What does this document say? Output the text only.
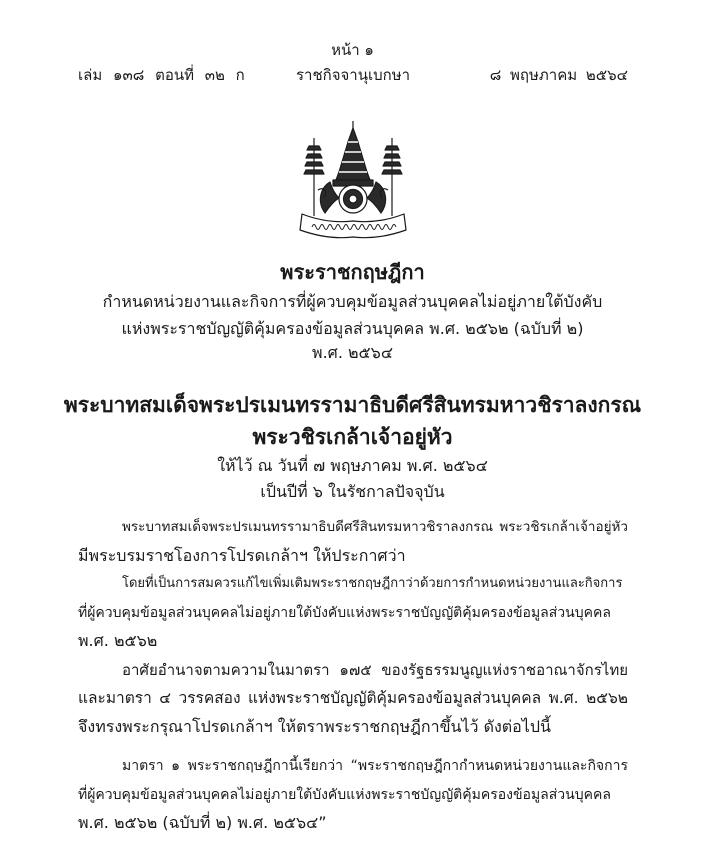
หน้า ๑
เล่ม ๑๓๘ ตอนที่ ๓๒ ก	ราชกิจจานุเบกษา	๘ พฤษภาคม ๒๕๖๔
พระราชกฤษฎีกา
กำหนดหน่วยงานและกิจการที่ผู้ควบคุมข้อมูลส่วนบุคคลไม่อยู่ภายใต้บังคับ
แห่งพระราชบัญญัติคุ้มครองข้อมูลส่วนบุคคล พ.ศ. ๒๕๖๒ (ฉบับที่ ๒)
พ.ศ. ๒๕๖๔
พระบาทสมเด็จพระปรเมนทรรามาธิบดีศรีสินทรมหาวชิราลงกรณ
พระวชิรเกล้าเจ้าอยู่หัว
ให้ไว้ ณ วันที่ ๗ พฤษภาคม พ.ศ. ๒๕๖๔
เป็นปีที่ ๖ ในรัชกาลปัจจุบัน
พระบาทสมเด็จพระปรเมนทรรามาธิบดีศรีสินทรมหาวชิราลงกรณ พระวชิรเกล้าเจ้าอยู่หัว
มีพระบรมราชโองการโปรดเกล้าฯ ให้ประกาศว่า
โดยที่เป็นการสมควรแก้ไขเพิ่มเติมพระราชกฤษฎีกาว่าด้วยการกำหนดหน่วยงานและกิจการ
ที่ผู้ควบคุมข้อมูลส่วนบุคคลไม่อยู่ภายใต้บังคับแห่งพระราชบัญญัติคุ้มครองข้อมูลส่วนบุคคล
พ.ศ. ๒๕๖๒
อาศัยอำนาจตามความในมาตรา ๑๗๕ ของรัฐธรรมนูญแห่งราชอาณาจักรไทย
และมาตรา ๔ วรรคสอง แห่งพระราชบัญญัติคุ้มครองข้อมูลส่วนบุคคล พ.ศ. ๒๕๖๒
จึงทรงพระกรุณาโปรดเกล้าฯ ให้ตราพระราชกฤษฎีกาขึ้นไว้ ดังต่อไปนี้
มาตรา ๑ พระราชกฤษฎีกานี้เรียกว่า “พระราชกฤษฎีกากำหนดหน่วยงานและกิจการ
ที่ผู้ควบคุมข้อมูลส่วนบุคคลไม่อยู่ภายใต้บังคับแห่งพระราชบัญญัติคุ้มครองข้อมูลส่วนบุคคล
พ.ศ. ๒๕๖๒ (ฉบับที่ ๒) พ.ศ. ๒๕๖๔”
